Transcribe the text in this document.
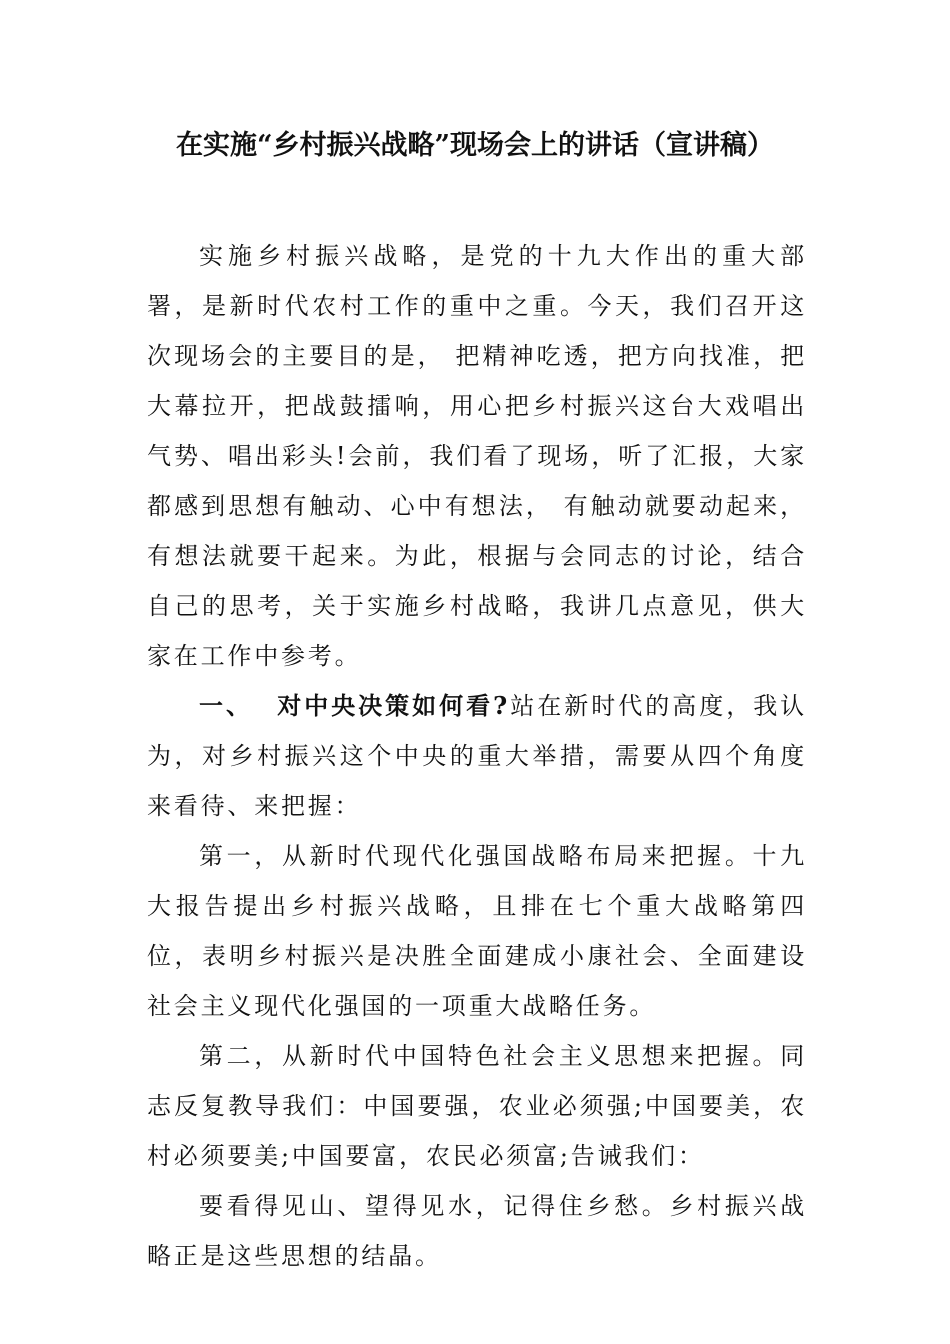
在实施“乡村振兴战略”现场会上的讲话（宣讲稿）

实施乡村振兴战略，是党的十九大作出的重大部署，是新时代农村工作的重中之重。今天，我们召开这次现场会的主要目的是， 把精神吃透，把方向找准，把大幕拉开，把战鼓擂响，用心把乡村振兴这台大戏唱出气势、唱出彩头!会前，我们看了现场，听了汇报，大家都感到思想有触动、心中有想法， 有触动就要动起来，有想法就要干起来。为此，根据与会同志的讨论，结合自己的思考，关于实施乡村战略，我讲几点意见，供大家在工作中参考。

一、 对中央决策如何看?站在新时代的高度，我认为，对乡村振兴这个中央的重大举措，需要从四个角度来看待、来把握：

第一，从新时代现代化强国战略布局来把握。十九大报告提出乡村振兴战略，且排在七个重大战略第四位，表明乡村振兴是决胜全面建成小康社会、全面建设社会主义现代化强国的一项重大战略任务。

第二，从新时代中国特色社会主义思想来把握。同志反复教导我们：中国要强，农业必须强;中国要美，农村必须要美;中国要富，农民必须富;告诫我们：

要看得见山、望得见水，记得住乡愁。乡村振兴战略正是这些思想的结晶。
